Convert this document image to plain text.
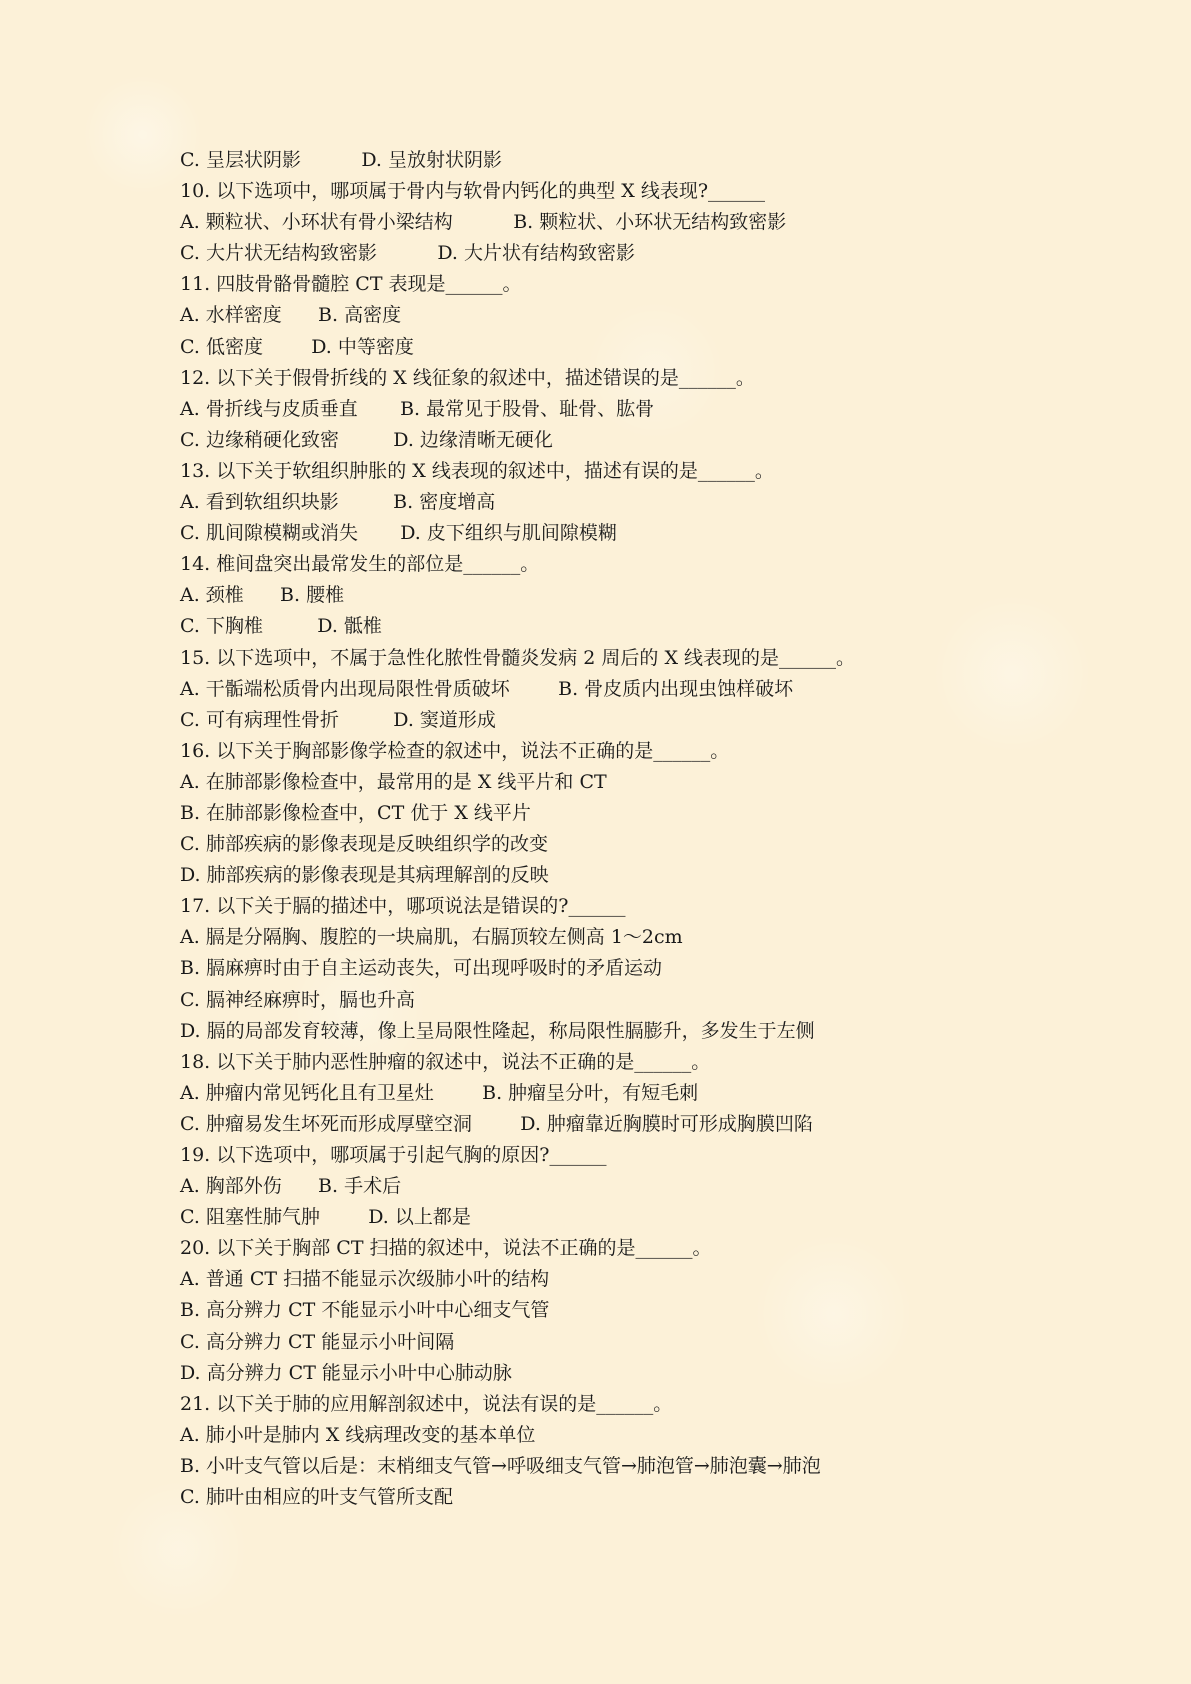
C. 呈层状阴影          D. 呈放射状阴影
10. 以下选项中，哪项属于骨内与软骨内钙化的典型 X 线表现?______
A. 颗粒状、小环状有骨小梁结构          B. 颗粒状、小环状无结构致密影
C. 大片状无结构致密影          D. 大片状有结构致密影
11. 四肢骨骼骨髓腔 CT 表现是______。
A. 水样密度      B. 高密度
C. 低密度        D. 中等密度
12. 以下关于假骨折线的 X 线征象的叙述中，描述错误的是______。
A. 骨折线与皮质垂直       B. 最常见于股骨、耻骨、肱骨
C. 边缘稍硬化致密         D. 边缘清晰无硬化
13. 以下关于软组织肿胀的 X 线表现的叙述中，描述有误的是______。
A. 看到软组织块影         B. 密度增高
C. 肌间隙模糊或消失       D. 皮下组织与肌间隙模糊
14. 椎间盘突出最常发生的部位是______。
A. 颈椎      B. 腰椎
C. 下胸椎         D. 骶椎
15. 以下选项中，不属于急性化脓性骨髓炎发病 2 周后的 X 线表现的是______。
A. 干骺端松质骨内出现局限性骨质破坏        B. 骨皮质内出现虫蚀样破坏
C. 可有病理性骨折         D. 窦道形成
16. 以下关于胸部影像学检查的叙述中，说法不正确的是______。
A. 在肺部影像检查中，最常用的是 X 线平片和 CT
B. 在肺部影像检查中，CT 优于 X 线平片
C. 肺部疾病的影像表现是反映组织学的改变
D. 肺部疾病的影像表现是其病理解剖的反映
17. 以下关于膈的描述中，哪项说法是错误的?______
A. 膈是分隔胸、腹腔的一块扁肌，右膈顶较左侧高 1～2cm
B. 膈麻痹时由于自主运动丧失，可出现呼吸时的矛盾运动
C. 膈神经麻痹时，膈也升高
D. 膈的局部发育较薄，像上呈局限性隆起，称局限性膈膨升，多发生于左侧
18. 以下关于肺内恶性肿瘤的叙述中，说法不正确的是______。
A. 肿瘤内常见钙化且有卫星灶        B. 肿瘤呈分叶，有短毛刺
C. 肿瘤易发生坏死而形成厚壁空洞        D. 肿瘤靠近胸膜时可形成胸膜凹陷
19. 以下选项中，哪项属于引起气胸的原因?______
A. 胸部外伤      B. 手术后
C. 阻塞性肺气肿        D. 以上都是
20. 以下关于胸部 CT 扫描的叙述中，说法不正确的是______。
A. 普通 CT 扫描不能显示次级肺小叶的结构
B. 高分辨力 CT 不能显示小叶中心细支气管
C. 高分辨力 CT 能显示小叶间隔
D. 高分辨力 CT 能显示小叶中心肺动脉
21. 以下关于肺的应用解剖叙述中，说法有误的是______。
A. 肺小叶是肺内 X 线病理改变的基本单位
B. 小叶支气管以后是：末梢细支气管→呼吸细支气管→肺泡管→肺泡囊→肺泡
C. 肺叶由相应的叶支气管所支配
